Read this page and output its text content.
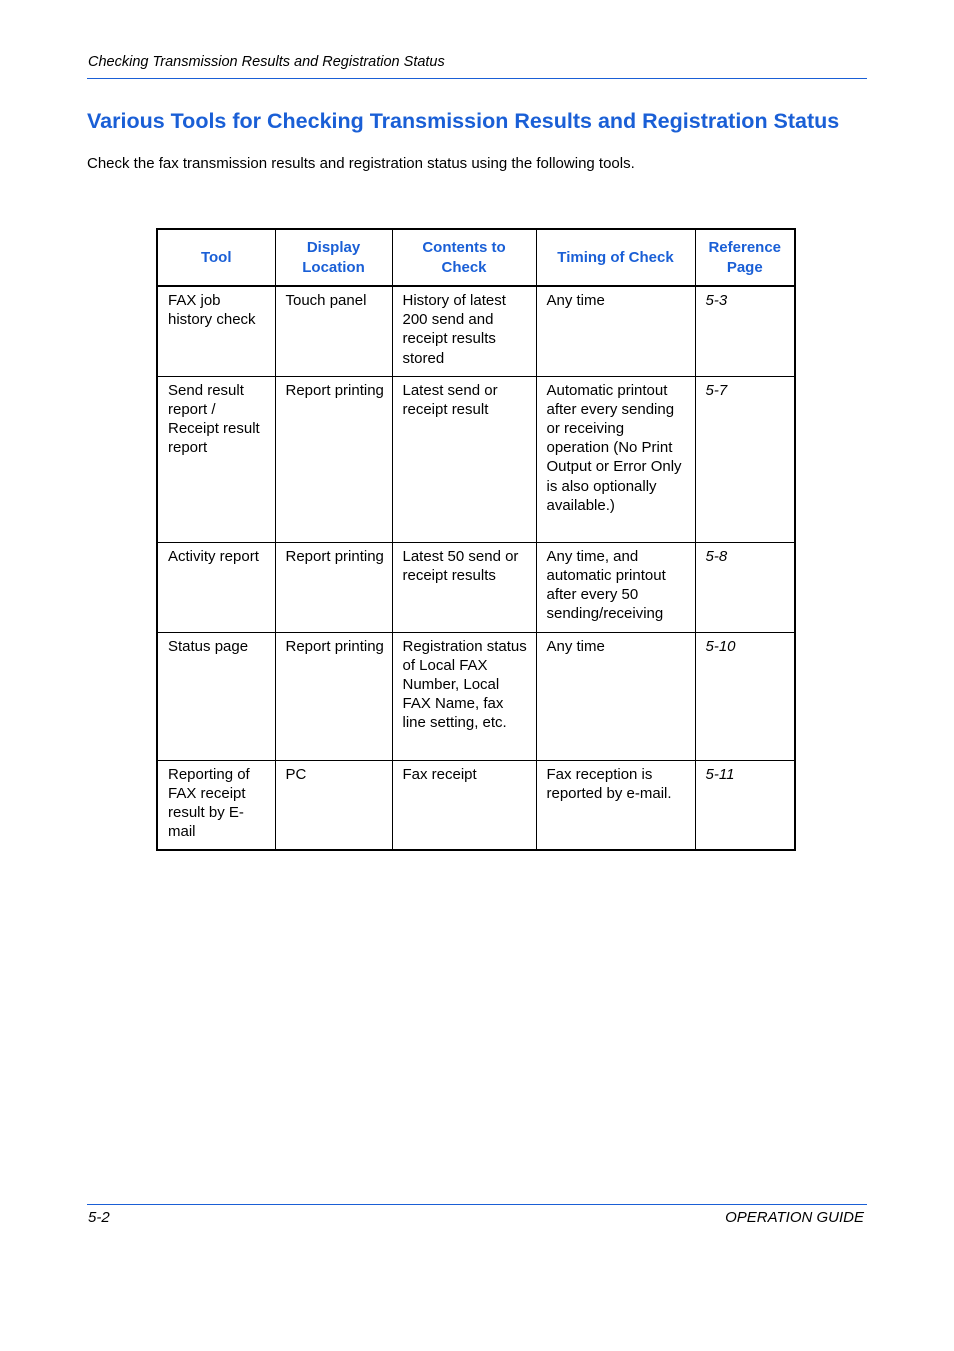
Checking Transmission Results and Registration Status
Various Tools for Checking Transmission Results and Registration Status
Check the fax transmission results and registration status using the following tools.
Tool	Display Location	Contents to Check	Timing of Check	Reference Page
FAX job history check	Touch panel	History of latest 200 send and receipt results stored	Any time	5-3
Send result report / Receipt result report	Report printing	Latest send or receipt result	Automatic printout after every sending or receiving operation (No Print Output or Error Only is also optionally available.)	5-7
Activity report	Report printing	Latest 50 send or receipt results	Any time, and automatic printout after every 50 sending/receiving	5-8
Status page	Report printing	Registration status of Local FAX Number, Local FAX Name, fax line setting, etc.	Any time	5-10
Reporting of FAX receipt result by E-mail	PC	Fax receipt	Fax reception is reported by e-mail.	5-11
5-2	OPERATION GUIDE
